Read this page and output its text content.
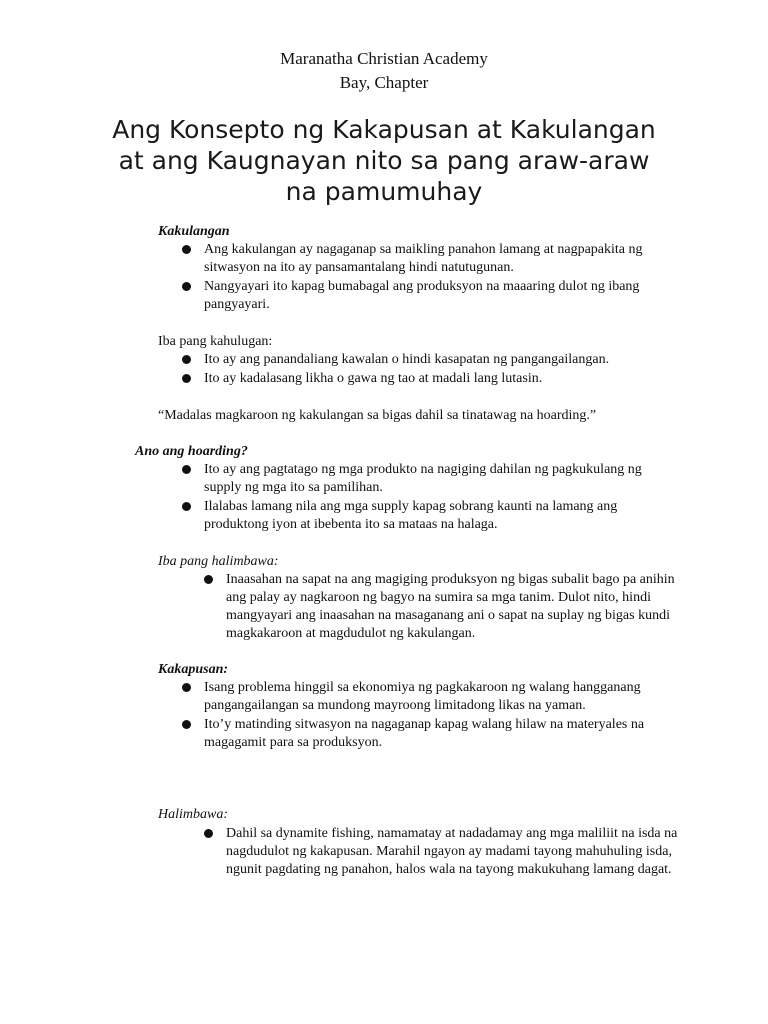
Maranatha Christian Academy
Bay, Chapter
Ang Konsepto ng Kakapusan at Kakulangan
at ang Kaugnayan nito sa pang araw-araw
na pamumuhay
Kakulangan
Ang kakulangan ay nagaganap sa maikling panahon lamang at nagpapakita ng sitwasyon na ito ay pansamantalang hindi natutugunan.
Nangyayari ito kapag bumabagal ang produksyon na maaaring dulot ng ibang pangyayari.
Iba pang kahulugan:
Ito ay ang panandaliang kawalan o hindi kasapatan ng pangangailangan.
Ito ay kadalasang likha o gawa ng tao at madali lang lutasin.
“Madalas magkaroon ng kakulangan sa bigas dahil sa tinatawag na hoarding.”
Ano ang hoarding?
Ito ay ang pagtatago ng mga produkto na nagiging dahilan ng pagkukulang ng supply ng mga ito sa pamilihan.
Ilalabas lamang nila ang mga supply kapag sobrang kaunti na lamang ang produktong iyon at ibebenta ito sa mataas na halaga.
Iba pang halimbawa:
Inaasahan na sapat na ang magiging produksyon ng bigas subalit bago pa anihin ang palay ay nagkaroon ng bagyo na sumira sa mga tanim. Dulot nito, hindi mangyayari ang inaasahan na masaganang ani o sapat na suplay ng bigas kundi magkakaroon at magdudulot ng kakulangan.
Kakapusan:
Isang problema hinggil sa ekonomiya ng pagkakaroon ng walang hangganang pangangailangan sa mundong mayroong limitadong likas na yaman.
Ito’y matinding sitwasyon na nagaganap kapag walang hilaw na materyales na magagamit para sa produksyon.
Halimbawa:
Dahil sa dynamite fishing, namamatay at nadadamay ang mga maliliit na isda na nagdudulot ng kakapusan. Marahil ngayon ay madami tayong mahuhuling isda, ngunit pagdating ng panahon, halos wala na tayong makukuhang lamang dagat.
